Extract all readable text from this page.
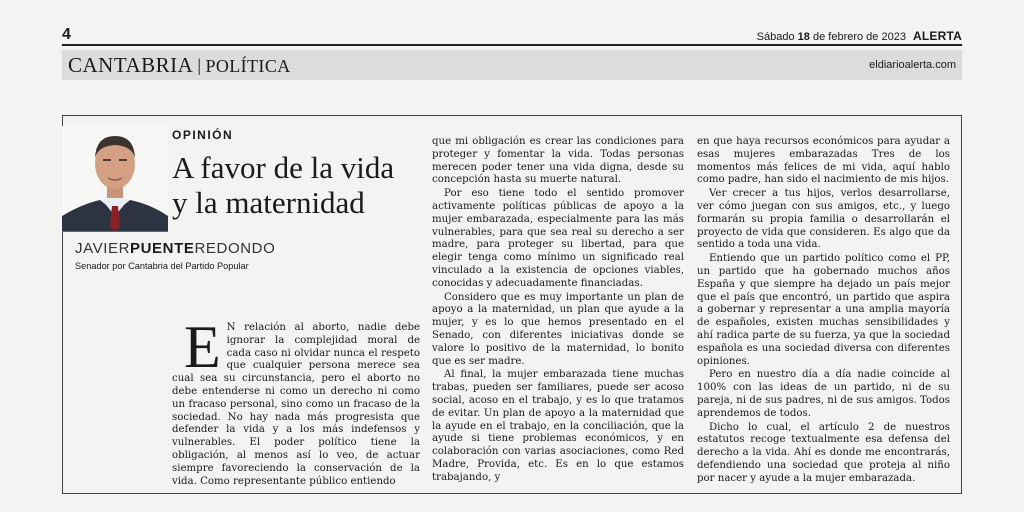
4	Sábado 18 de febrero de 2023 ALERTA
CANTABRIA | POLÍTICA	eldiarioalerta.com
OPINIÓN
A favor de la vida
y la maternidad
JAVIERPUENTEREDONDO
Senador por Cantabria del Partido Popular
E N relación al aborto, nadie debe ignorar la complejidad moral de cada caso ni olvidar nunca el respeto que cualquier persona merece sea cual sea su circunstancia, pero el aborto no debe entenderse ni como un derecho ni como un fracaso personal, sino como un fracaso de la sociedad. No hay nada más progresista que defender la vida y a los más indefensos y vulnerables. El poder político tiene la obligación, al menos así lo veo, de actuar siempre favoreciendo la conservación de la vida. Como representante público entiendo

que mi obligación es crear las condiciones para proteger y fomentar la vida. Todas personas merecen poder tener una vida digna, desde su concepción hasta su muerte natural.

Por eso tiene todo el sentido promover activamente políticas públicas de apoyo a la mujer embarazada, especialmente para las más vulnerables, para que sea real su derecho a ser madre, para proteger su libertad, para que elegir tenga como mínimo un significado real vinculado a la existencia de opciones viables, conocidas y adecuadamente financiadas.

Considero que es muy importante un plan de apoyo a la maternidad, un plan que ayude a la mujer, y es lo que hemos presentado en el Senado, con diferentes iniciativas donde se valore lo positivo de la maternidad, lo bonito que es ser madre.

Al final, la mujer embarazada tiene muchas trabas, pueden ser familiares, puede ser acoso social, acoso en el trabajo, y es lo que tratamos de evitar. Un plan de apoyo a la maternidad que la ayude en el trabajo, en la conciliación, que la ayude si tiene problemas económicos, y en colaboración con varias asociaciones, como Red Madre, Provida, etc. Es en lo que estamos trabajando, y

en que haya recursos económicos para ayudar a esas mujeres embarazadas Tres de los momentos más felices de mi vida, aquí hablo como padre, han sido el nacimiento de mis hijos.

Ver crecer a tus hijos, verlos desarrollarse, ver cómo juegan con sus amigos, etc., y luego formarán su propia familia o desarrollarán el proyecto de vida que consideren. Es algo que da sentido a toda una vida.

Entiendo que un partido político como el PP, un partido que ha gobernado muchos años España y que siempre ha dejado un país mejor que el país que encontró, un partido que aspira a gobernar y representar a una amplia mayoría de españoles, existen muchas sensibilidades y ahí radica parte de su fuerza, ya que la sociedad española es una sociedad diversa con diferentes opiniones.

Pero en nuestro día a día nadie coincide al 100% con las ideas de un partido, ni de su pareja, ni de sus padres, ni de sus amigos. Todos aprendemos de todos.

Dicho lo cual, el artículo 2 de nuestros estatutos recoge textualmente esa defensa del derecho a la vida. Ahí es donde me encontrarás, defendiendo una sociedad que proteja al niño por nacer y ayude a la mujer embarazada.
